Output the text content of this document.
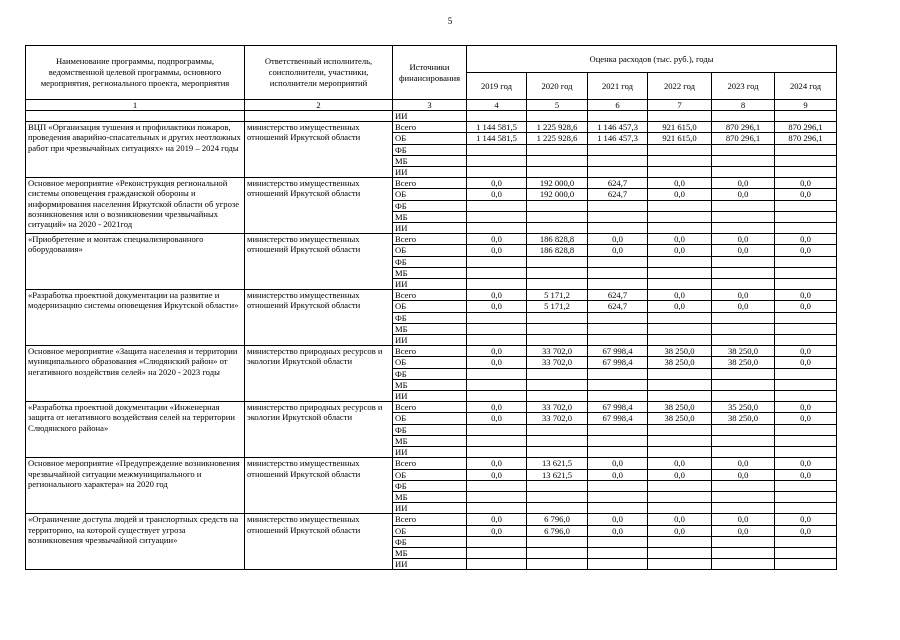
5
Наименование программы, подпрограммы, ведомственной целевой программы, основного мероприятия, регионального проекта, мероприятия	Ответственный исполнитель, соисполнители, участники, исполнители мероприятий	Источники финансирования	Оценка расходов (тыс. руб.), годы					
			2019 год	2020 год	2021 год	2022 год	2023 год	2024 год
1	2	3	4	5	6	7	8	9
		ИИ						
ВЦП «Организация тушения и профилактики пожаров, проведения аварийно-спасательных и других неотложных работ при чрезвычайных ситуациях» на 2019 – 2024 годы	министерство имущественных отношений Иркутской области	Всего	1 144 581,5	1 225 928,6	1 146 457,3	921 615,0	870 296,1	870 296,1
		ОБ	1 144 581,5	1 225 928,6	1 146 457,3	921 615,0	870 296,1	870 296,1
		ФБ						
		МБ						
		ИИ						
Основное мероприятие «Реконструкция региональной системы оповещения гражданской обороны и информирования населения Иркутской области об угрозе возникновения или о возникновении чрезвычайных ситуаций» на 2020 - 2021год	министерство имущественных отношений Иркутской области	Всего	0,0	192 000,0	624,7	0,0	0,0	0,0
		ОБ	0,0	192 000,0	624,7	0,0	0,0	0,0
		ФБ						
		МБ						
		ИИ						
«Приобретение и монтаж специализированного оборудования»	министерство имущественных отношений Иркутской области	Всего	0,0	186 828,8	0,0	0,0	0,0	0,0
		ОБ	0,0	186 828,8	0,0	0,0	0,0	0,0
		ФБ						
		МБ						
		ИИ						
«Разработка проектной документации на развитие и модернизацию системы оповещения Иркутской области»	министерство имущественных отношений Иркутской области	Всего	0,0	5 171,2	624,7	0,0	0,0	0,0
		ОБ	0,0	5 171,2	624,7	0,0	0,0	0,0
		ФБ						
		МБ						
		ИИ						
Основное мероприятие «Защита населения и территории муниципального образования «Слюдянский район» от негативного воздействия селей» на 2020 - 2023 годы	министерство природных ресурсов и экологии Иркутской области	Всего	0,0	33 702,0	67 998,4	38 250,0	38 250,0	0,0
		ОБ	0,0	33 702,0	67 998,4	38 250,0	38 250,0	0,0
		ФБ						
		МБ						
		ИИ						
«Разработка проектной документации «Инженерная защита от негативного воздействия селей на территории Слюдянского района»	министерство природных ресурсов и экологии Иркутской области	Всего	0,0	33 702,0	67 998,4	38 250,0	35 250,0	0,0
		ОБ	0,0	33 702,0	67 998,4	38 250,0	38 250,0	0,0
		ФБ						
		МБ						
		ИИ						
Основное мероприятие «Предупреждение возникновения чрезвычайной ситуации межмуниципального и регионального характера» на 2020 год	министерство имущественных отношений Иркутской области	Всего	0,0	13 621,5	0,0	0,0	0,0	0,0
		ОБ	0,0	13 621,5	0,0	0,0	0,0	0,0
		ФБ						
		МБ						
		ИИ						
«Ограничение доступа людей и транспортных средств на территорию, на которой существует угроза возникновения чрезвычайной ситуации»	министерство имущественных отношений Иркутской области	Всего	0,0	6 796,0	0,0	0,0	0,0	0,0
		ОБ	0,0	6 796,0	0,0	0,0	0,0	0,0
		ФБ						
		МБ						
		ИИ						
